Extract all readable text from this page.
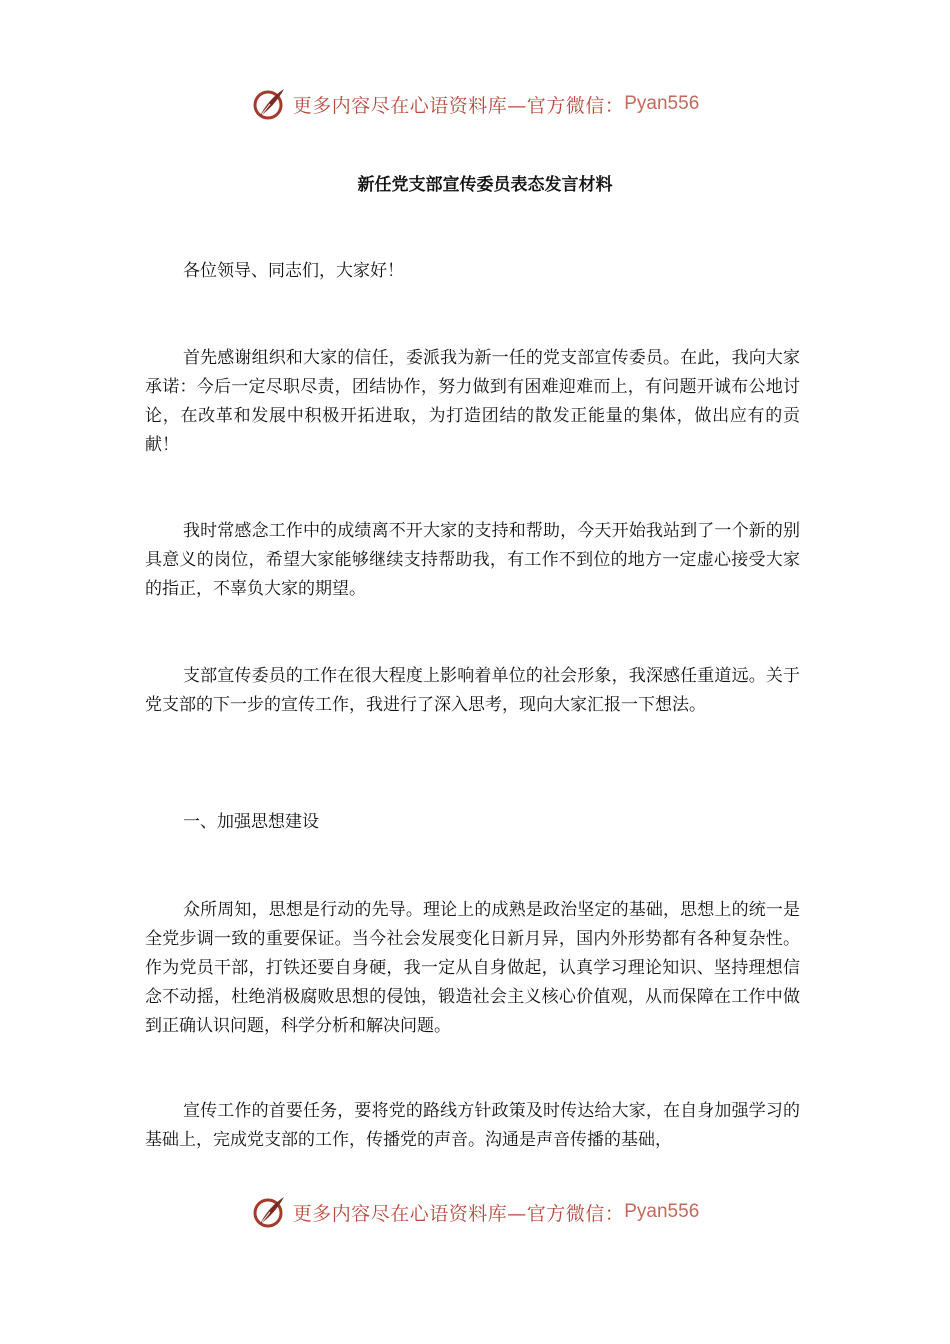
更多内容尽在心语资料库—官方微信： Pyan556
新任党支部宣传委员表态发言材料

各位领导、同志们，大家好！

首先感谢组织和大家的信任，委派我为新一任的党支部宣传委员。在此，我向大家承诺：今后一定尽职尽责，团结协作，努力做到有困难迎难而上，有问题开诚布公地讨论，在改革和发展中积极开拓进取，为打造团结的散发正能量的集体，做出应有的贡献！

我时常感念工作中的成绩离不开大家的支持和帮助，今天开始我站到了一个新的别具意义的岗位，希望大家能够继续支持帮助我，有工作不到位的地方一定虚心接受大家的指正，不辜负大家的期望。

支部宣传委员的工作在很大程度上影响着单位的社会形象，我深感任重道远。关于党支部的下一步的宣传工作，我进行了深入思考，现向大家汇报一下想法。

一、加强思想建设

众所周知，思想是行动的先导。理论上的成熟是政治坚定的基础，思想上的统一是全党步调一致的重要保证。当今社会发展变化日新月异，国内外形势都有各种复杂性。作为党员干部，打铁还要自身硬，我一定从自身做起，认真学习理论知识、坚持理想信念不动摇，杜绝消极腐败思想的侵蚀，锻造社会主义核心价值观，从而保障在工作中做到正确认识问题，科学分析和解决问题。

宣传工作的首要任务，要将党的路线方针政策及时传达给大家，在自身加强学习的基础上，完成党支部的工作，传播党的声音。沟通是声音传播的基础，

更多内容尽在心语资料库—官方微信： Pyan556
